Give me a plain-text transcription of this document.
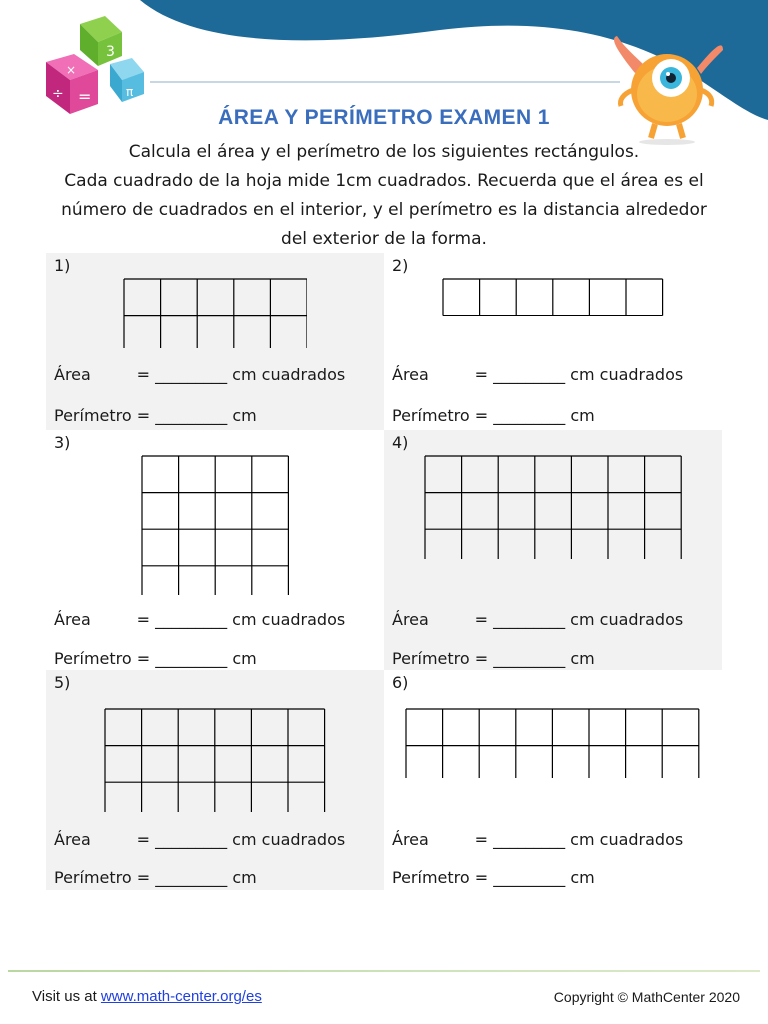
3
π
×
=
÷
ÁREA Y PERÍMETRO EXAMEN 1
Calcula el área y el perímetro de los siguientes rectángulos.
Cada cuadrado de la hoja mide 1cm cuadrados. Recuerda que el área es el
número de cuadrados en el interior, y el perímetro es la distancia alrededor
del exterior de la forma.
1)
Área         = _________ cm cuadrados
Perímetro = _________ cm
2)
Área         = _________ cm cuadrados
Perímetro = _________ cm
3)
Área         = _________ cm cuadrados
Perímetro = _________ cm
4)
Área         = _________ cm cuadrados
Perímetro = _________ cm
5)
Área         = _________ cm cuadrados
Perímetro = _________ cm
6)
Área         = _________ cm cuadrados
Perímetro = _________ cm
Visit us at www.math-center.org/es	Copyright © MathCenter 2020
